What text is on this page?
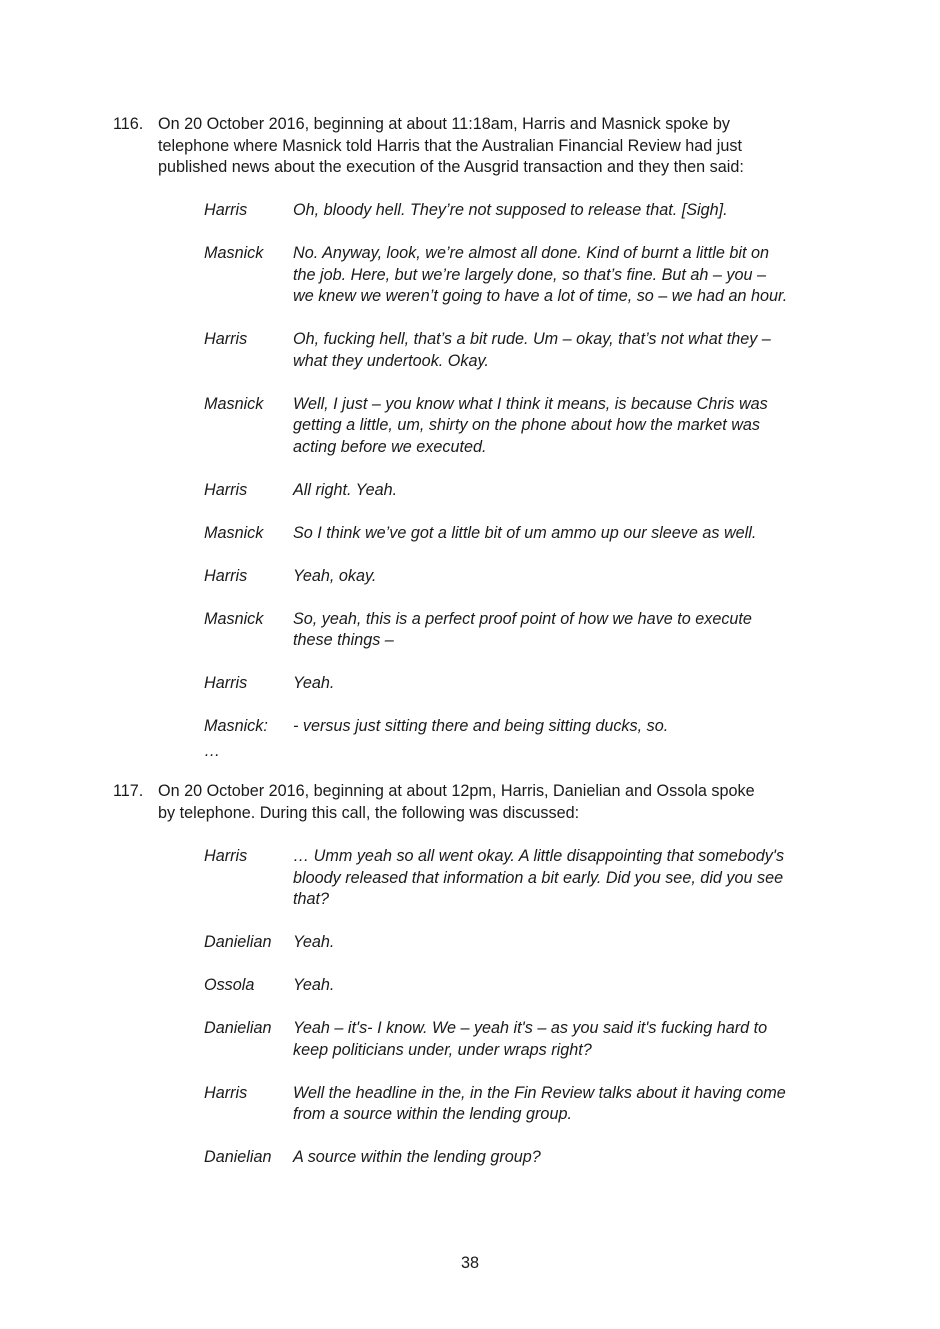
116. On 20 October 2016, beginning at about 11:18am, Harris and Masnick spoke by
telephone where Masnick told Harris that the Australian Financial Review had just
published news about the execution of the Ausgrid transaction and they then said:
Harris	Oh, bloody hell. They’re not supposed to release that. [Sigh].
Masnick	No. Anyway, look, we’re almost all done. Kind of burnt a little bit on
the job. Here, but we’re largely done, so that’s fine. But ah – you –
we knew we weren’t going to have a lot of time, so – we had an hour.
Harris	Oh, fucking hell, that’s a bit rude. Um – okay, that’s not what they –
what they undertook. Okay.
Masnick	Well, I just – you know what I think it means, is because Chris was
getting a little, um, shirty on the phone about how the market was
acting before we executed.
Harris	All right. Yeah.
Masnick	So I think we’ve got a little bit of um ammo up our sleeve as well.
Harris	Yeah, okay.
Masnick	So, yeah, this is a perfect proof point of how we have to execute
these things –
Harris	Yeah.
Masnick:	- versus just sitting there and being sitting ducks, so.
…
117. On 20 October 2016, beginning at about 12pm, Harris, Danielian and Ossola spoke
by telephone. During this call, the following was discussed:
Harris	… Umm yeah so all went okay. A little disappointing that somebody's
bloody released that information a bit early. Did you see, did you see
that?
Danielian	Yeah.
Ossola	Yeah.
Danielian	Yeah – it's- I know. We – yeah it's – as you said it's fucking hard to
keep politicians under, under wraps right?
Harris	Well the headline in the, in the Fin Review talks about it having come
from a source within the lending group.
Danielian	A source within the lending group?
38
